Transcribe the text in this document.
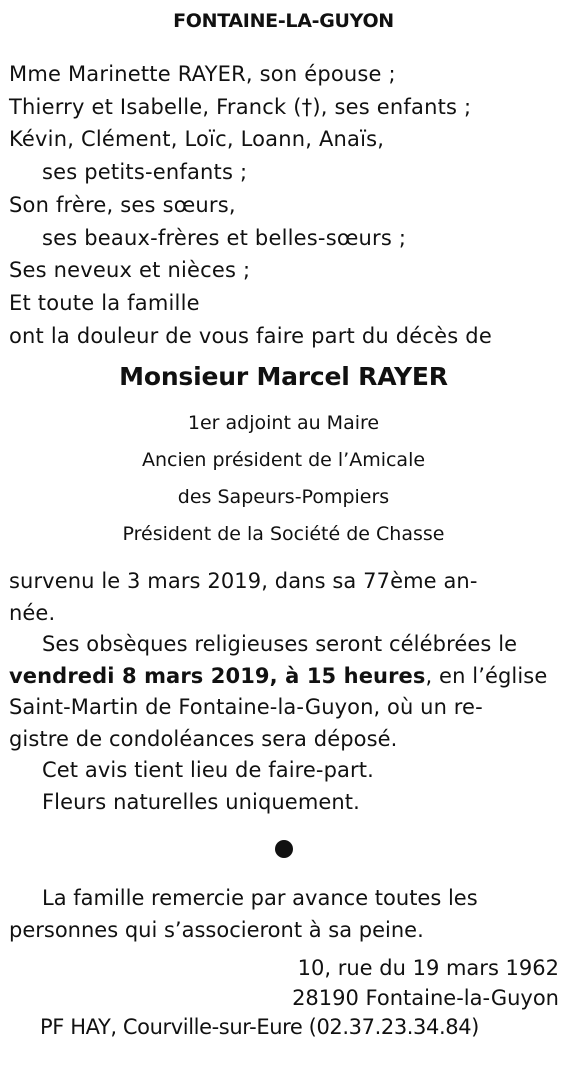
FONTAINE-LA-GUYON
Mme Marinette RAYER, son épouse ;
Thierry et Isabelle, Franck (†), ses enfants ;
Kévin, Clément, Loïc, Loann, Anaïs,
ses petits-enfants ;
Son frère, ses sœurs,
ses beaux-frères et belles-sœurs ;
Ses neveux et nièces ;
Et toute la famille
ont la douleur de vous faire part du décès de
Monsieur Marcel RAYER
1er adjoint au Maire
Ancien président de l’Amicale
des Sapeurs-Pompiers
Président de la Société de Chasse
survenu le 3 mars 2019, dans sa 77ème an-
née.
Ses obsèques religieuses seront célébrées le
vendredi 8 mars 2019, à 15 heures, en l’église
Saint-Martin de Fontaine-la-Guyon, où un re-
gistre de condoléances sera déposé.
Cet avis tient lieu de faire-part.
Fleurs naturelles uniquement.
La famille remercie par avance toutes les
personnes qui s’associeront à sa peine.
10, rue du 19 mars 1962
28190 Fontaine-la-Guyon
PF HAY, Courville-sur-Eure (02.37.23.34.84)
